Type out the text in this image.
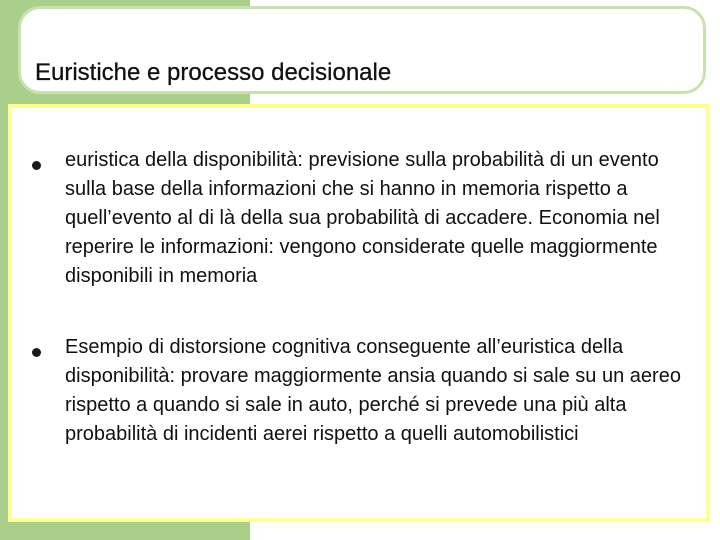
Euristiche e processo decisionale
euristica della disponibilità: previsione sulla probabilità di un evento sulla base della informazioni che si hanno in memoria rispetto a quell’evento al di là della sua probabilità di accadere. Economia nel reperire le informazioni: vengono considerate quelle maggiormente disponibili in memoria
Esempio di distorsione cognitiva conseguente all’euristica della disponibilità: provare maggiormente ansia quando si sale su un aereo rispetto a quando si sale in auto, perché si prevede una più alta probabilità di incidenti aerei rispetto a quelli automobilistici
